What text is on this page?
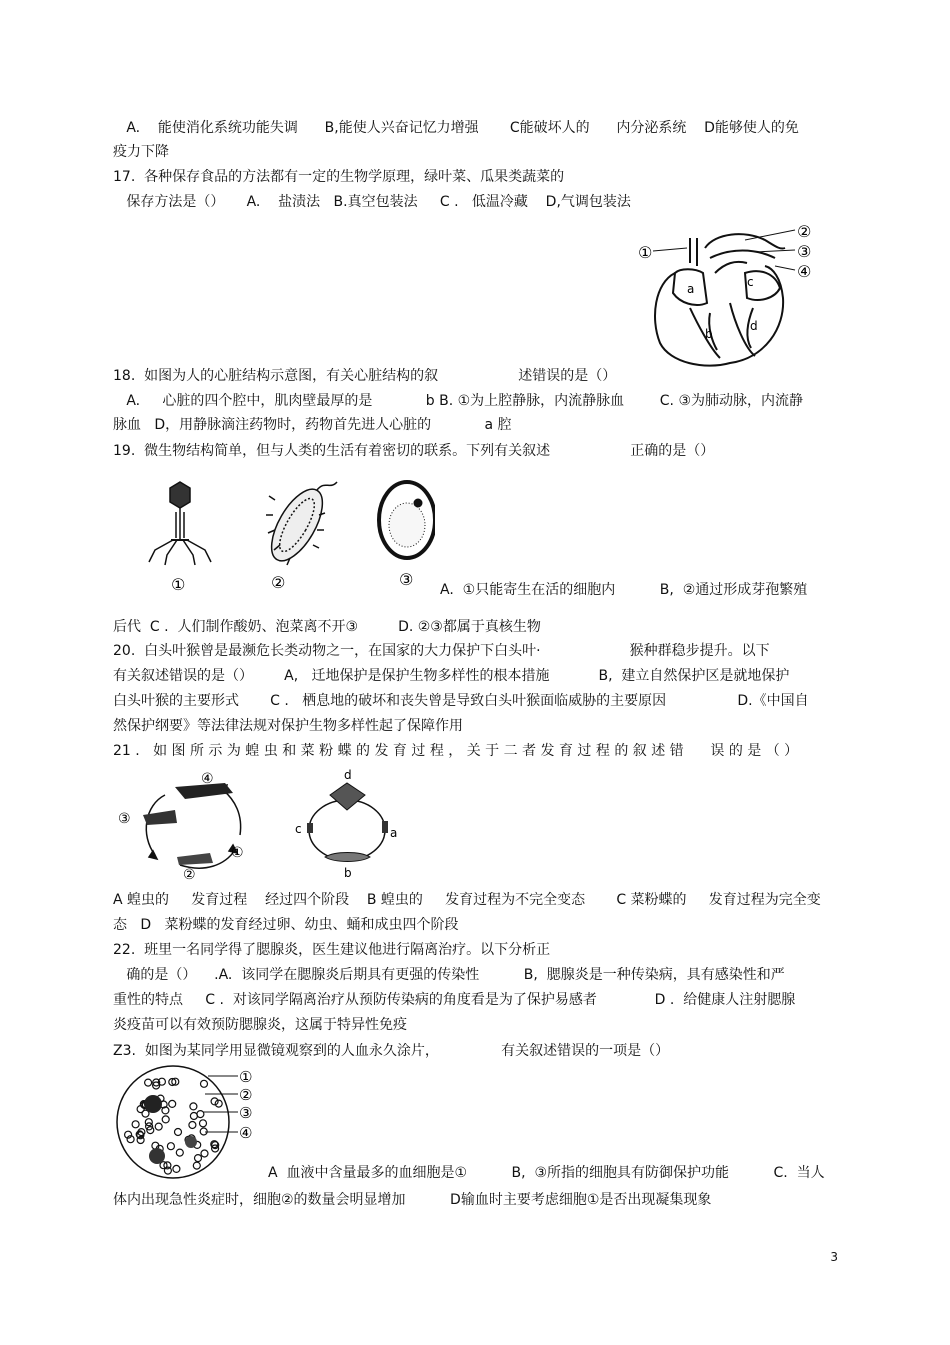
A.    能使消化系统功能失调      B,能使人兴奋记忆力增强       C能破坏人的      内分泌系统    D能够使人的免
疫力下降
17.  各种保存食品的方法都有一定的生物学原理，绿叶菜、瓜果类蔬菜的
保存方法是（）     A.    盐渍法   B.真空包装法     C .   低温冷藏    D,气调包装法
18.  如图为人的心脏结构示意图，有关心脏结构的叙                  述错误的是（）
A.     心脏的四个腔中，肌肉壁最厚的是            b B. ①为上腔静脉，内流静脉血        C. ③为肺动脉，内流静
脉血   D，用静脉滴注药物时，药物首先进人心脏的            a 腔
19.  微生物结构简单，但与人类的生活有着密切的联系。下列有关叙述                  正确的是（）
A.  ①只能寄生在活的细胞内          B,  ②通过形成芽孢繁殖
后代  C .  人们制作酸奶、泡菜离不开③         D. ②③都属于真核生物
20.  白头叶猴曾是最濒危长类动物之一，在国家的大力保护下白头叶·                    猴种群稳步提升。以下
有关叙述错误的是（）       A,   迁地保护是保护生物多样性的根本措施           B,  建立自然保护区是就地保护
白头叶猴的主要形式       C .   栖息地的破坏和丧失曾是导致白头叶猴面临威胁的主要原因                D.《中国自
然保护纲要》等法律法规对保护生物多样性起了保障作用
21 .   如 图 所 示 为 蝗 虫 和 菜 粉 蝶 的 发 育 过 程 ， 关 于 二 者 发 育 过 程 的 叙 述 错      误 的 是 （ ）
A 蝗虫的     发育过程    经过四个阶段    B 蝗虫的     发育过程为不完全变态       C 菜粉蝶的     发育过程为完全变
态   D   菜粉蝶的发育经过卵、幼虫、蛹和成虫四个阶段
22.  班里一名同学得了腮腺炎，医生建议他进行隔离治疗。以下分析正
确的是（）    .A.  该同学在腮腺炎后期具有更强的传染性          B,  腮腺炎是一种传染病，具有感染性和严
重性的特点     C .  对该同学隔离治疗从预防传染病的角度看是为了保护易感者             D .  给健康人注射腮腺
炎疫苗可以有效预防腮腺炎，这属于特异性免疫
Z3.  如图为某同学用显微镜观察到的人血永久涂片，              有关叙述错误的一项是（）
A  血液中含量最多的血细胞是①          B,  ③所指的细胞具有防御保护功能          C.  当人
体内出现急性炎症时，细胞②的数量会明显增加          D输血时主要考虑细胞①是否出现凝集现象
a	c
b
d
①
②
③
④
①	②	③
④
③
①
②
d
c	a
b
①
②
③
④
3
